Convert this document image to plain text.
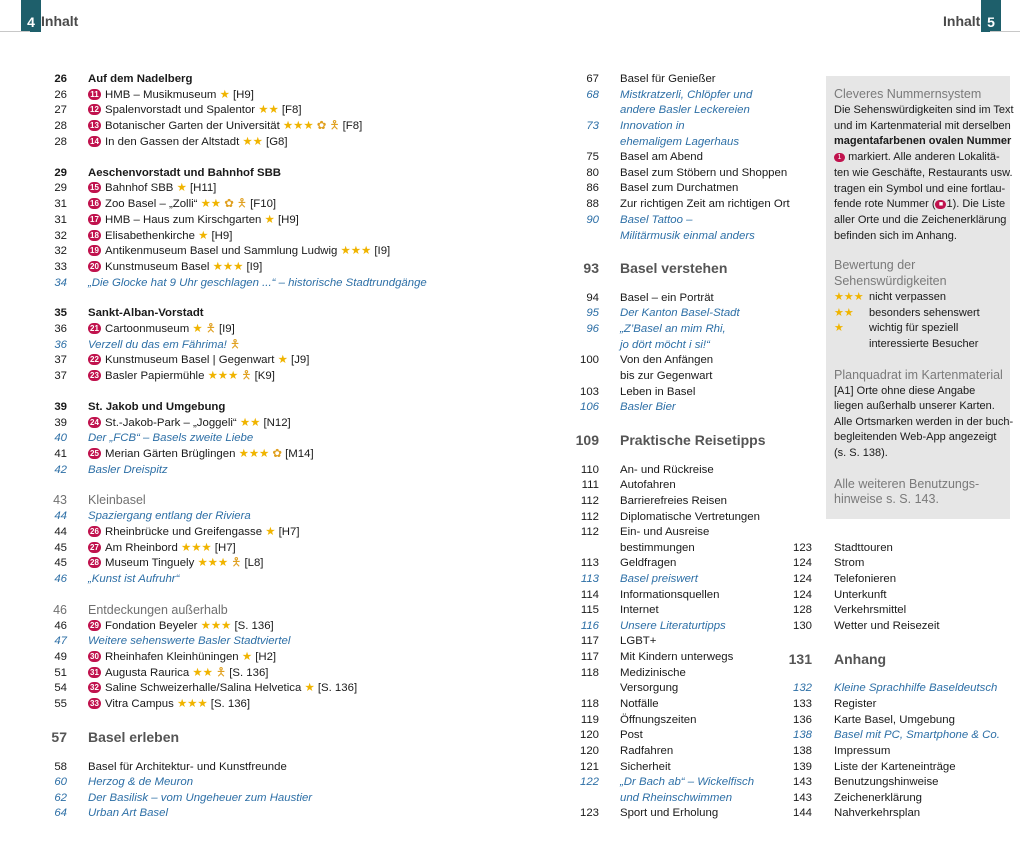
4 Inhalt	Inhalt 5
26 Auf dem Nadelberg
26	11 HMB – Musikmuseum ★ [H9]
27	12 Spalenvorstadt und Spalentor ★★ [F8]
28	13 Botanischer Garten der Universität ★★★ ✿ 🯅 [F8]
28	14 In den Gassen der Altstadt ★★ [G8]
29 Aeschenvorstadt und Bahnhof SBB
29	15 Bahnhof SBB ★ [H11]
31	16 Zoo Basel – „Zolli“ ★★ ✿ 🯅 [F10]
31	17 HMB – Haus zum Kirschgarten ★ [H9]
32	18 Elisabethenkirche ★ [H9]
32	19 Antikenmuseum Basel und Sammlung Ludwig ★★★ [I9]
33	20 Kunstmuseum Basel ★★★ [I9]
34 „Die Glocke hat 9 Uhr geschlagen ...“ – historische Stadtrundgänge
35 Sankt-Alban-Vorstadt
36	21 Cartoonmuseum ★ 🯅 [I9]
36 Verzell du das em Fährima! 🯅
37	22 Kunstmuseum Basel | Gegenwart ★ [J9]
37	23 Basler Papiermühle ★★★ 🯅 [K9]
39 St. Jakob und Umgebung
39	24 St.-Jakob-Park – „Joggeli“ ★★ [N12]
40 Der „FCB“ – Basels zweite Liebe
41	25 Merian Gärten Brüglingen ★★★ ✿ [M14]
42 Basler Dreispitz
43 Kleinbasel
44 Spaziergang entlang der Riviera
44	26 Rheinbrücke und Greifengasse ★ [H7]
45	27 Am Rheinbord ★★★ [H7]
45	28 Museum Tinguely ★★★ 🯅 [L8]
46 „Kunst ist Aufruhr“
46 Entdeckungen außerhalb
46	29 Fondation Beyeler ★★★ [S. 136]
47 Weitere sehenswerte Basler Stadtviertel
49	30 Rheinhafen Kleinhüningen ★ [H2]
51	31 Augusta Raurica ★★ 🯅 [S. 136]
54	32 Saline Schweizerhalle/Salina Helvetica ★ [S. 136]
55	33 Vitra Campus ★★★ [S. 136]
57 Basel erleben
58 Basel für Architektur- und Kunstfreunde
60 Herzog & de Meuron
62 Der Basilisk – vom Ungeheuer zum Haustier
64 Urban Art Basel
67 Basel für Genießer
68 Mistkratzerli, Chlöpfer und
andere Basler Leckereien
73 Innovation in
ehemaligem Lagerhaus
75 Basel am Abend
80 Basel zum Stöbern und Shoppen
86 Basel zum Durchatmen
88 Zur richtigen Zeit am richtigen Ort
90 Basel Tattoo –
Militärmusik einmal anders
93 Basel verstehen
94 Basel – ein Porträt
95 Der Kanton Basel-Stadt
96 „Z’Basel an mim Rhi,
jo dört möcht i si!“
100 Von den Anfängen
bis zur Gegenwart
103 Leben in Basel
106 Basler Bier
109 Praktische Reisetipps
110 An- und Rückreise
111 Autofahren
112 Barrierefreies Reisen
112 Diplomatische Vertretungen
112 Ein- und Ausreise
bestimmungen
113 Geldfragen
113 Basel preiswert
114 Informationsquellen
115 Internet
116 Unsere Literaturtipps
117 LGBT+
117 Mit Kindern unterwegs
118 Medizinische
Versorgung
118 Notfälle
119 Öffnungszeiten
120 Post
120 Radfahren
121 Sicherheit
122 „Dr Bach ab“ – Wickelfisch
und Rheinschwimmen
123 Sport und Erholung
123 Stadttouren
124 Strom
124 Telefonieren
124 Unterkunft
128 Verkehrsmittel
130 Wetter und Reisezeit
131 Anhang
132 Kleine Sprachhilfe Baseldeutsch
133 Register
136 Karte Basel, Umgebung
138 Basel mit PC, Smartphone & Co.
138 Impressum
139 Liste der Karteneinträge
143 Benutzungshinweise
143 Zeichenerklärung
144 Nahverkehrsplan
Cleveres Nummernsystem
Die Sehenswürdigkeiten sind im Text
und im Kartenmaterial mit derselben
magentafarbenen ovalen Nummer
1 markiert. Alle anderen Lokalitä-
ten wie Geschäfte, Restaurants usw.
tragen ein Symbol und eine fortlau-
fende rote Nummer ( ■ 1). Die Liste
aller Orte und die Zeichenerklärung
befinden sich im Anhang.
Bewertung der
Sehenswürdigkeiten
★★★ nicht verpassen
★★ besonders sehenswert
★ wichtig für speziell
interessierte Besucher
Planquadrat im Kartenmaterial
[A1] Orte ohne diese Angabe
liegen außerhalb unserer Karten.
Alle Ortsmarken werden in der buch-
begleitenden Web-App angezeigt
(s. S. 138).
Alle weiteren Benutzungs-
hinweise s. S. 143.
